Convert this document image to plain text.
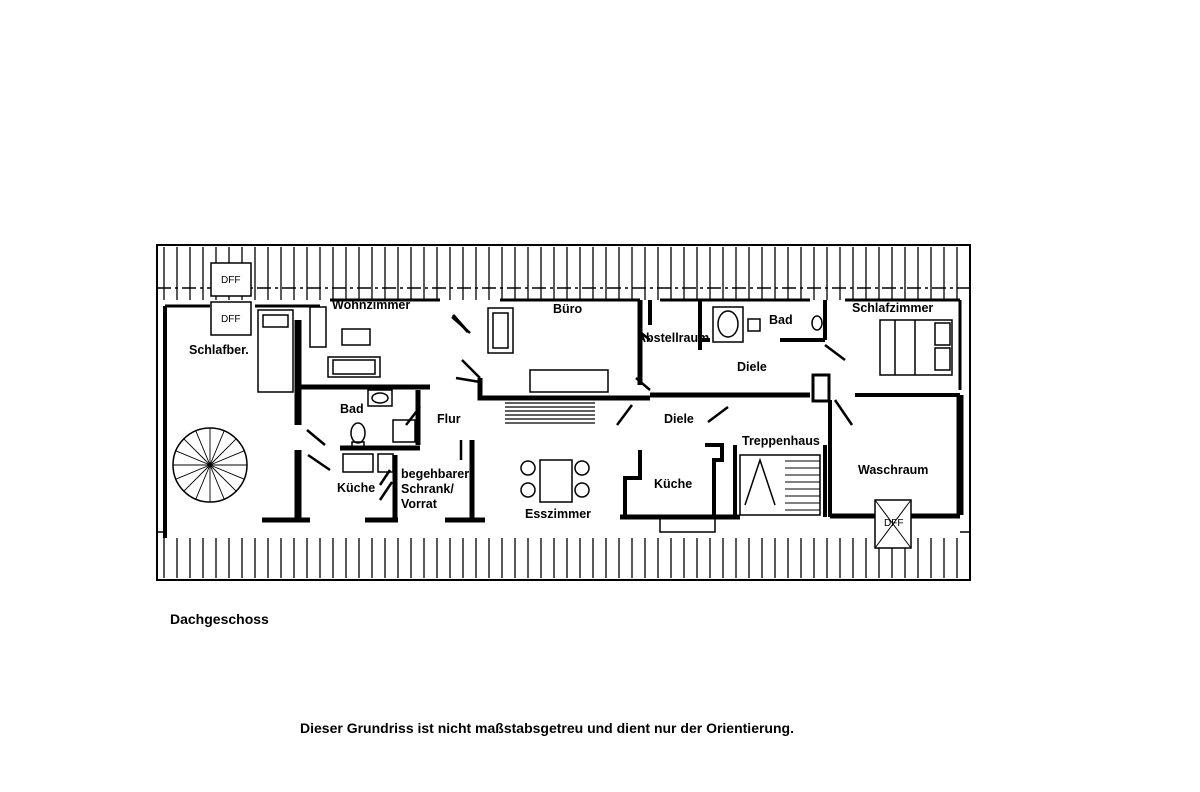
DFF
DFF
DFF
Wohnzimmer	Büro
Abstellraum
Bad
Schlafzimmer
Schlafber.
Diele
Bad
Flur	Diele
Treppenhaus
Küche
begehbarer
Schrank/
Vorrat
Esszimmer
Küche
Waschraum

Dachgeschoss

Dieser Grundriss ist nicht maßstabsgetreu und dient nur der Orientierung.
